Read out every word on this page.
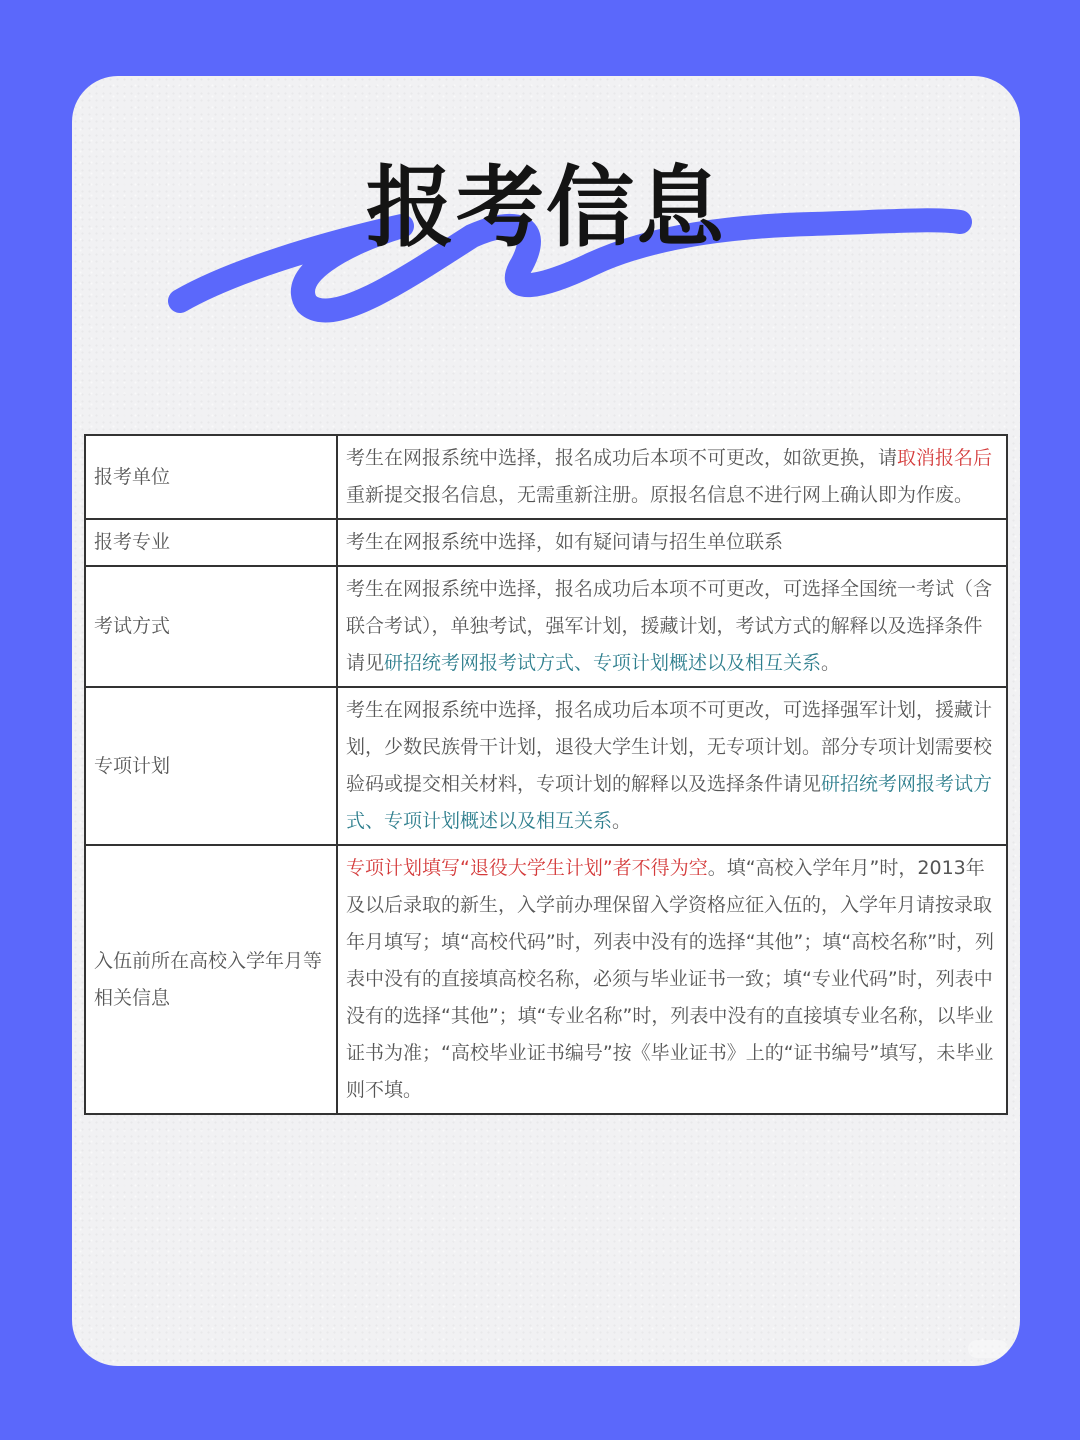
报考信息
报考单位	考生在网报系统中选择，报名成功后本项不可更改，如欲更换，请取消报名后重新提交报名信息，无需重新注册。原报名信息不进行网上确认即为作废。
报考专业	考生在网报系统中选择，如有疑问请与招生单位联系
考试方式	考生在网报系统中选择，报名成功后本项不可更改，可选择全国统一考试（含联合考试），单独考试，强军计划，援藏计划，考试方式的解释以及选择条件请见研招统考网报考试方式、专项计划概述以及相互关系。
专项计划	考生在网报系统中选择，报名成功后本项不可更改，可选择强军计划，援藏计划，少数民族骨干计划，退役大学生计划，无专项计划。部分专项计划需要校验码或提交相关材料，专项计划的解释以及选择条件请见研招统考网报考试方式、专项计划概述以及相互关系。
入伍前所在高校入学年月等相关信息	专项计划填写“退役大学生计划”者不得为空。填“高校入学年月”时，2013年及以后录取的新生，入学前办理保留入学资格应征入伍的，入学年月请按录取年月填写；填“高校代码”时，列表中没有的选择“其他”；填“高校名称”时，列表中没有的直接填高校名称，必须与毕业证书一致；填“专业代码”时，列表中没有的选择“其他”；填“专业名称”时，列表中没有的直接填专业名称，以毕业证书为准；“高校毕业证书编号”按《毕业证书》上的“证书编号”填写，未毕业则不填。
